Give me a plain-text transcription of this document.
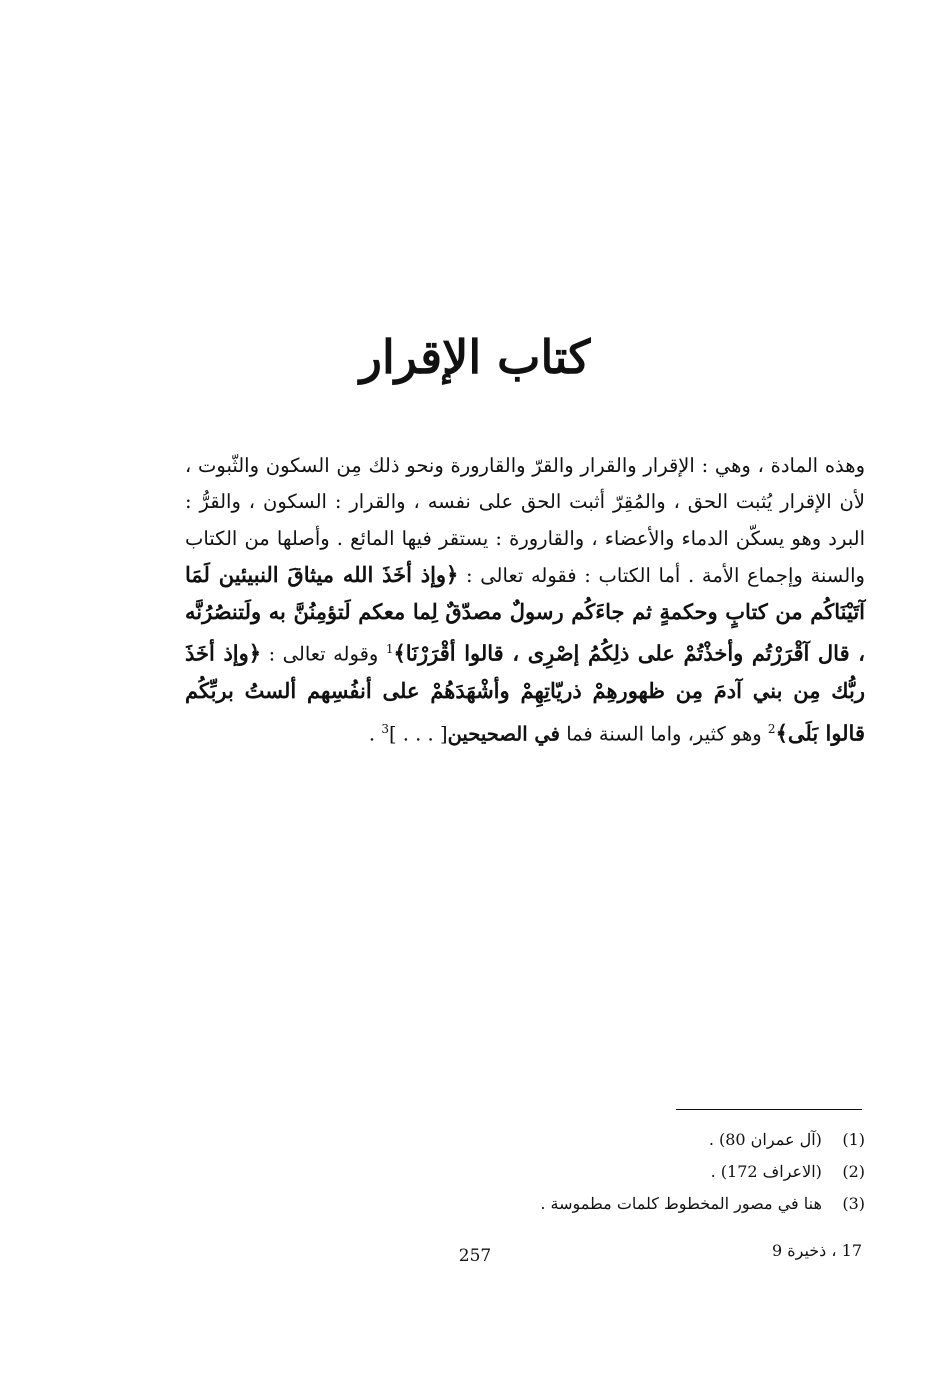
كتاب الإقرار
وهذه المادة ، وهي : الإقرار والقرار والقرّ والقارورة ونحو ذلك مِن السكون والثّبوت ، لأن الإقرار يُثبت الحق ، والمُقِرّ أثبت الحق على نفسه ، والقرار : السكون ، والقرُّ : البرد وهو يسكّن الدماء والأعضاء ، والقارورة : يستقر فيها المائع . وأصلها من الكتاب والسنة وإجماع الأمة . أما الكتاب : فقوله تعالى : ﴿وإذ أخَذَ الله ميثاقَ النبيئين لَمَا آتَيْنَاكُم من كتابٍ وحكمةٍ ثم جاءَكُم رسولٌ مصدّقٌ لِما معكم لَتؤمِنُنَّ به ولَتنصُرُنَّه ، قال آقْرَرْتُم وأخذْتُمْ على ذلِكُمُ إصْرِى ، قالوا أقْرَرْنَا﴾$^1$ وقوله تعالى : ﴿وإذ أخَذَ ربُّك مِن بني آدمَ مِن ظهورهِمْ ذريّاتِهِمْ وأشْهَدَهُمْ على أنفُسِهم ألستُ بربِّكُم قالوا بَلَى﴾$^2$ وهو كثير، واما السنة فما في الصحيحين[ . . . ]$^3$ .
(1) (آل عمران 80) .
(2) (الاعراف 172) .
(3) هنا في مصور المخطوط كلمات مطموسة .
257	17 ، ذخيرة 9
